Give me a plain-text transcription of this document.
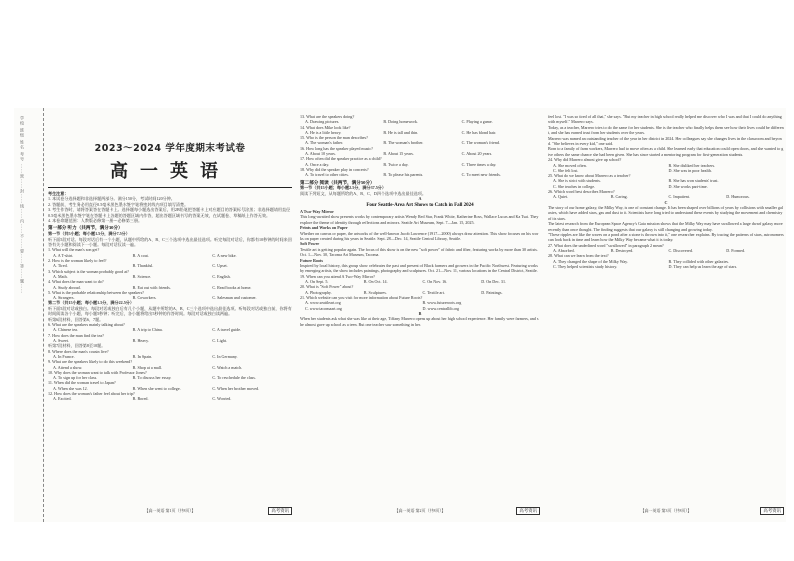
学校 班级 姓名 考号 ……密……封……线……内……不……要……答……题……	2023～2024 学年度期末考试卷
高一英语
考生注意：
1. 本试卷分选择题和非选择题两部分。满分150分，考试时间120分钟。
2. 答题前，考生务必用直径0.5毫米黑色墨水签字笔将密封线内项目填写清楚。
3. 考生作答时，请将答案答在答题卡上。选择题每小题选出答案后，用2B铅笔把答题卡上对应题目的答案标号涂黑；非选择题请用直径0.5毫米黑色墨水签字笔在答题卡上各题的答题区域内作答，超出答题区域书写的答案无效，在试题卷、草稿纸上作答无效。
4. 本卷命题范围：人教版必修第一册～必修第三册。
第一部分 听力（共两节，满分30分）
第一节（共5小题；每小题1.5分，满分7.5分）
听下面5段对话。每段对话后有一个小题，从题中所给的A、B、C三个选项中选出最佳选项。听完每段对话后，你都有10秒钟的时间来回答有关小题和阅读下一小题。每段对话仅读一遍。
1. What will the man's son get?
A. A T-shirt.	B. A coat.	C. A new bike.
2. How is the woman likely to feel?
A. Tired.	B. Thankful.	C. Upset.
3. Which subject is the woman probably good at?
A. Math.	B. Science.	C. English.
4. What does the man want to do?
A. Study abroad.	B. Eat out with friends.	C. Read books at home.
5. What is the probable relationship between the speakers?
A. Strangers.	B. Coworkers.	C. Salesman and customer.
第二节（共15小题；每小题1.5分，满分22.5分）
听下面5段对话或独白。每段对话或独白后有几个小题，从题中所给的A、B、C三个选项中选出最佳选项。听每段对话或独白前，你将有时间阅读各个小题，每小题5秒钟；听完后，各小题将给出5秒钟的作答时间。每段对话或独白读两遍。
听第6段材料，回答第6、7题。
6. What are the speakers mainly talking about?
A. Chinese tea.	B. A trip to China.	C. A travel guide.
7. How does the man find the tea?
A. Sweet.	B. Heavy.	C. Light.
听第7段材料，回答第8至10题。
8. Where does the man's cousin live?
A. In France.	B. In Spain.	C. In Germany.
9. What are the speakers likely to do this weekend?
A. Attend a show.	B. Shop at a mall.	C. Watch a match.
10. Why does the woman want to talk with Professor Jones?
A. To sign up for her class.	B. To discuss her essay.	C. To reschedule the class.
11. When did the woman travel to Japan?
A. When she was 12.	B. When she went to college.	C. When her brother moved.
12. How does the woman's father feel about her trip?
A. Excited.	B. Bored.	C. Worried.
【高一英语 第1页（共8页）】	高考资讯
13. What are the speakers doing?
A. Drawing pictures.	B. Doing homework.	C. Playing a game.
14. What does Mike look like?
A. He is a little heavy.	B. He is tall and thin.	C. He has blond hair.
15. Who is the person the man describes?
A. The woman's father.	B. The woman's brother.	C. The woman's friend.
16. How long has the speaker played music?
A. About 10 years.	B. About 15 years.	C. About 20 years.
17. How often did the speaker practice as a child?
A. Once a day.	B. Twice a day.	C. Three times a day.
18. Why did the speaker play in concerts?
A. To travel to other cities.	B. To please his parents.	C. To meet new friends.
第二部分 阅读（共两节，满分50分）
第一节（共15小题；每小题2.5分，满分37.5分）
阅读下列短文，从每题所给的A、B、C、D四个选项中选出最佳选项。
A
Four Seattle-Area Art Shows to Catch in Fall 2024
A Two-Way Mirror
This long-awaited show presents works by contemporary artists Wendy Red Star, Frank White, Katherine Ross, Wallace Lucas and Ka Tsai. They explore the theme of identity through reflections and mirrors. Seattle Art Museum, Sept. 7—Jan. 15, 2025.
Prints and Works on Paper
Whether on canvas or paper, the artworks of the well-known Jacob Lawrence (1917—2000) always draw attention. This show focuses on his works on paper created during his years in Seattle. Sept. 28—Dec. 14, Seattle Central Library, Seattle.
Soft Power
Textile art is getting popular again. The focus of this show is on the new "soft power" of fabric and fiber, featuring works by more than 30 artists. Oct. 1—Nov. 30, Tacoma Art Museum, Tacoma.
Future Roots
Inspired by local history, this group show celebrates the past and present of Black farmers and growers in the Pacific Northwest. Featuring works by emerging artists, the show includes paintings, photography and sculptures. Oct. 21—Nov. 11, various locations in the Central District, Seattle.
19. When can you attend A Two-Way Mirror?
A. On Sept. 5.	B. On Oct. 14.	C. On Nov. 16.	D. On Dec. 31.
20. What is "Soft Power" about?
A. Photography.	B. Sculptures.	C. Textile art.	D. Paintings.
21. Which website can you visit for more information about Future Roots?
A. www.seattleart.org	B. www.futureroots.org
C. www.tacomaart.org	D. www.centrallib.org
B
When her students ask what she was like at their age, Tiffany Marrero opens up about her high school experience. Her family were farmers, and she almost gave up school as a teen. But one teacher saw something in her.
【高一英语 第2页（共8页）】	高考资讯
feel lost. "I was so tired of all that," she says. "But my teacher in high school really helped me discover who I was and that I could do anything with myself." Marrero says.
Today, as a teacher, Marrero tries to do the same for her students. She is the teacher who finally helps them see how their lives could be different, and she has earned trust from her students over the years.
Marrero was named an outstanding teacher of the year in her district in 2024. Her colleagues say she changes lives in the classroom and beyond. "She believes in every kid," one said.
Born to a family of farm workers, Marrero had to move often as a child. She learned early that education could open doors, and she wanted to give others the same chance she had been given. She has since started a mentoring program for first-generation students.
24. Why did Marrero almost give up school?
A. She moved often.	B. She disliked her teachers.
C. She felt lost.	D. She was in poor health.
25. What do we know about Marrero as a teacher?
A. She is strict with students.	B. She has won students' trust.
C. She teaches in college.	D. She works part-time.
26. Which word best describes Marrero?
A. Quiet.	B. Caring.	C. Impatient.	D. Humorous.
C
The story of our home galaxy, the Milky Way, is one of constant change. It has been shaped over billions of years by collisions with smaller galaxies, which have added stars, gas and dust to it. Scientists have long tried to understand these events by studying the movement and chemistry of its stars.
The latest research from the European Space Agency's Gaia mission shows that the Milky Way may have swallowed a large dwarf galaxy more recently than once thought. The finding suggests that our galaxy is still changing and growing today.
"These ripples are like the waves on a pond after a stone is thrown into it," one researcher explains. By tracing the patterns of stars, astronomers can look back in time and learn how the Milky Way became what it is today.
27. What does the underlined word "swallowed" in paragraph 2 mean?
A. Absorbed.	B. Destroyed.	C. Discovered.	D. Formed.
28. What can we learn from the text?
A. They changed the shape of the Milky Way.	B. They collided with other galaxies.
C. They helped scientists study history.	D. They can help us learn the age of stars.
【高一英语 第3页（共8页）】	高考资讯
